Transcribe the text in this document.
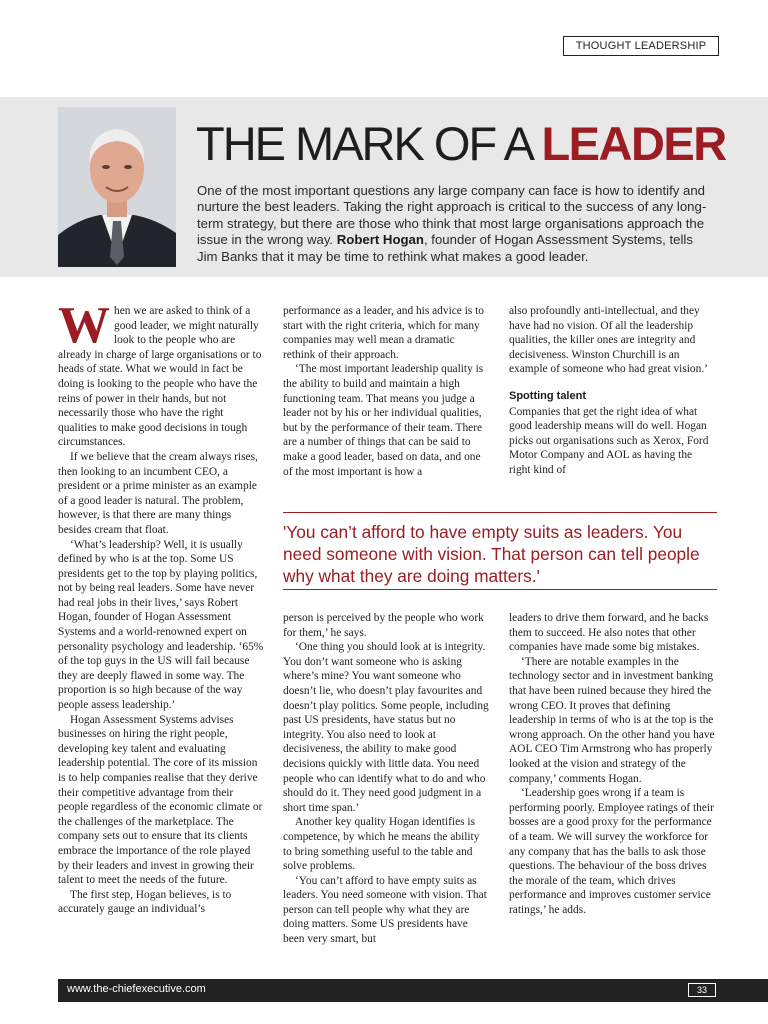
THOUGHT LEADERSHIP
THE MARK OF A LEADER
One of the most important questions any large company can face is how to identify and nurture the best leaders. Taking the right approach is critical to the success of any long-term strategy, but there are those who think that most large organisations approach the issue in the wrong way. Robert Hogan, founder of Hogan Assessment Systems, tells Jim Banks that it may be time to rethink what makes a good leader.

When we are asked to think of a good leader, we might naturally look to the people who are already in charge of large organisations or to heads of state. What we would in fact be doing is looking to the people who have the reins of power in their hands, but not necessarily those who have the right qualities to make good decisions in tough circumstances.

If we believe that the cream always rises, then looking to an incumbent CEO, a president or a prime minister as an example of a good leader is natural. The problem, however, is that there are many things besides cream that float.

‘What’s leadership? Well, it is usually defined by who is at the top. Some US presidents get to the top by playing politics, not by being real leaders. Some have never had real jobs in their lives,’ says Robert Hogan, founder of Hogan Assessment Systems and a world-renowned expert on personality psychology and leadership. ‘65% of the top guys in the US will fail because they are deeply flawed in some way. The proportion is so high because of the way people assess leadership.’

Hogan Assessment Systems advises businesses on hiring the right people, developing key talent and evaluating leadership potential. The core of its mission is to help companies realise that they derive their competitive advantage from their people regardless of the economic climate or the challenges of the marketplace. The company sets out to ensure that its clients embrace the importance of the role played by their leaders and invest in growing their talent to meet the needs of the future.

The first step, Hogan believes, is to accurately gauge an individual’s

performance as a leader, and his advice is to start with the right criteria, which for many companies may well mean a dramatic rethink of their approach.

‘The most important leadership quality is the ability to build and maintain a high functioning team. That means you judge a leader not by his or her individual qualities, but by the performance of their team. There are a number of things that can be said to make a good leader, based on data, and one of the most important is how a

also profoundly anti-intellectual, and they have had no vision. Of all the leadership qualities, the killer ones are integrity and decisiveness. Winston Churchill is an example of someone who had great vision.’

Spotting talent

Companies that get the right idea of what good leadership means will do well. Hogan picks out organisations such as Xerox, Ford Motor Company and AOL as having the right kind of

'You can’t afford to have empty suits as leaders. You need someone with vision. That person can tell people why what they are doing matters.'

person is perceived by the people who work for them,’ he says.

‘One thing you should look at is integrity. You don’t want someone who is asking where’s mine? You want someone who doesn’t lie, who doesn’t play favourites and doesn’t play politics. Some people, including past US presidents, have status but no integrity. You also need to look at decisiveness, the ability to make good decisions quickly with little data. You need people who can identify what to do and who should do it. They need good judgment in a short time span.’

Another key quality Hogan identifies is competence, by which he means the ability to bring something useful to the table and solve problems.

‘You can’t afford to have empty suits as leaders. You need someone with vision. That person can tell people why what they are doing matters. Some US presidents have been very smart, but

leaders to drive them forward, and he backs them to succeed. He also notes that other companies have made some big mistakes.

‘There are notable examples in the technology sector and in investment banking that have been ruined because they hired the wrong CEO. It proves that defining leadership in terms of who is at the top is the wrong approach. On the other hand you have AOL CEO Tim Armstrong who has properly looked at the vision and strategy of the company,’ comments Hogan.

‘Leadership goes wrong if a team is performing poorly. Employee ratings of their bosses are a good proxy for the performance of a team. We will survey the workforce for any company that has the balls to ask those questions. The behaviour of the boss drives the morale of the team, which drives performance and improves customer service ratings,’ he adds.

www.the-chiefexecutive.com	33
